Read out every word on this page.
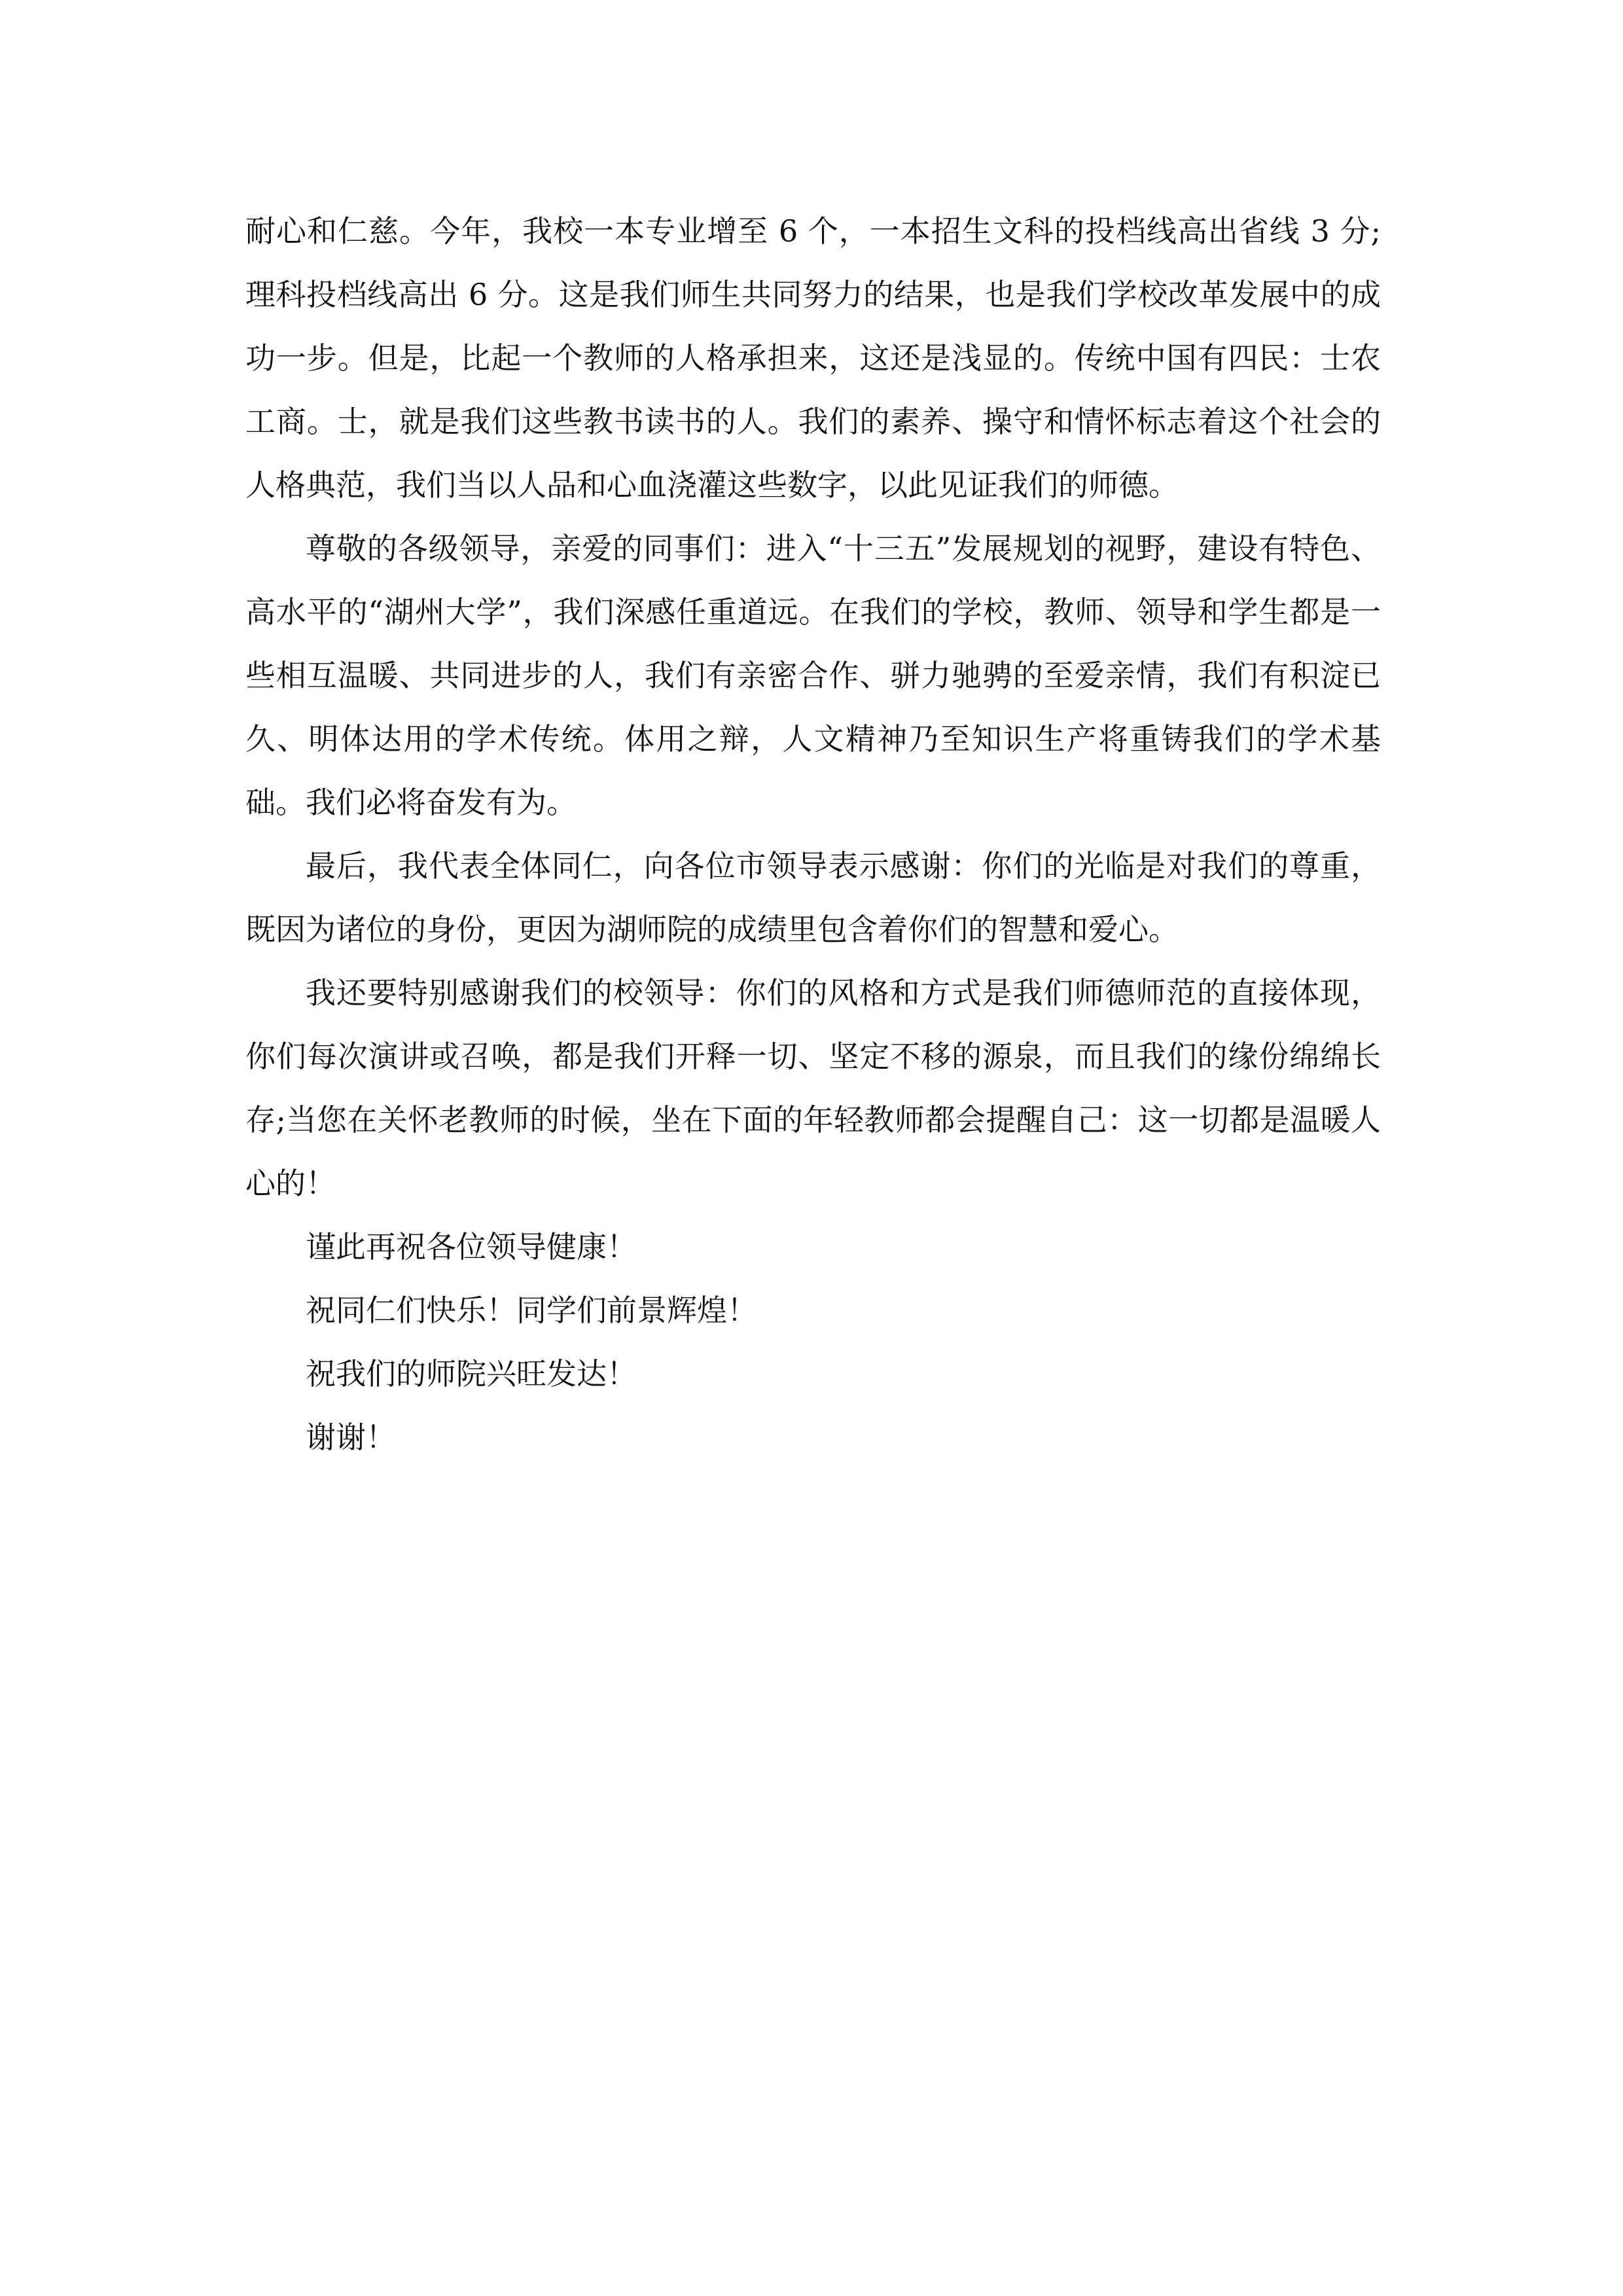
耐心和仁慈。今年，我校一本专业增至 6 个，一本招生文科的投档线高出省线 3 分;理科投档线高出 6 分。这是我们师生共同努力的结果，也是我们学校改革发展中的成功一步。但是，比起一个教师的人格承担来，这还是浅显的。传统中国有四民：士农工商。士，就是我们这些教书读书的人。我们的素养、操守和情怀标志着这个社会的人格典范，我们当以人品和心血浇灌这些数字，以此见证我们的师德。

尊敬的各级领导，亲爱的同事们：进入“十三五”发展规划的视野，建设有特色、高水平的“湖州大学”，我们深感任重道远。在我们的学校，教师、领导和学生都是一些相互温暖、共同进步的人，我们有亲密合作、骈力驰骋的至爱亲情，我们有积淀已久、明体达用的学术传统。体用之辩，人文精神乃至知识生产将重铸我们的学术基础。我们必将奋发有为。

最后，我代表全体同仁，向各位市领导表示感谢：你们的光临是对我们的尊重，既因为诸位的身份，更因为湖师院的成绩里包含着你们的智慧和爱心。

我还要特别感谢我们的校领导：你们的风格和方式是我们师德师范的直接体现，你们每次演讲或召唤，都是我们开释一切、坚定不移的源泉，而且我们的缘份绵绵长存;当您在关怀老教师的时候，坐在下面的年轻教师都会提醒自己：这一切都是温暖人心的！

谨此再祝各位领导健康！

祝同仁们快乐！同学们前景辉煌！

祝我们的师院兴旺发达！

谢谢！
